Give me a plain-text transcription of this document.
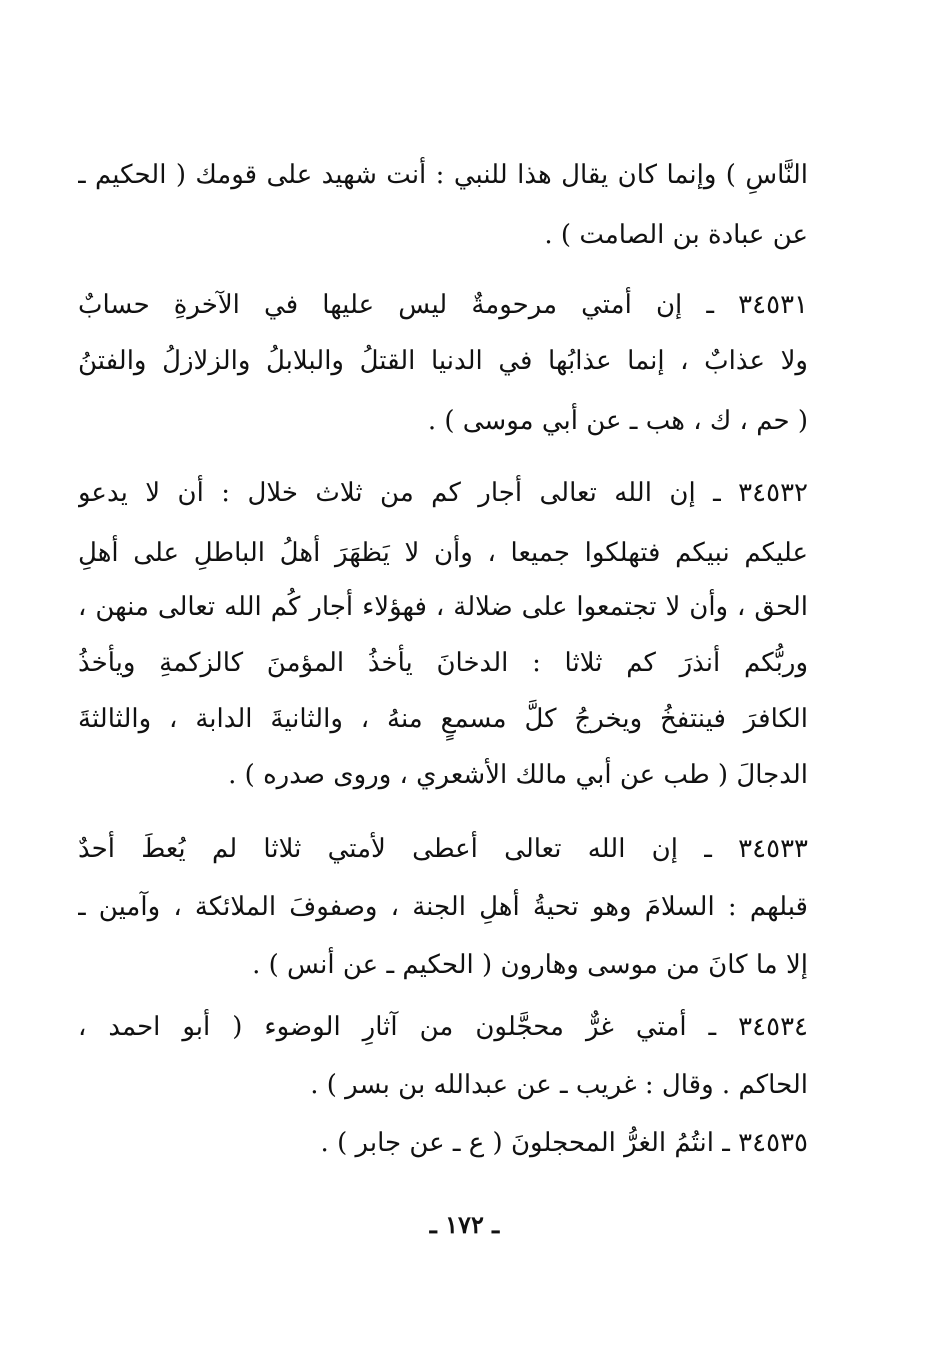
النَّاسِ ) وإنما كان يقال هذا للنبي : أنت شهيد على قومك ( الحكيم ـ
عن عبادة بن الصامت ) .
٣٤٥٣١ ـ إن أمتي مرحومةٌ ليس عليها في الآخرةِ حسابٌ
ولا عذابٌ ، إنما عذابُها في الدنيا القتلُ والبلابلُ والزلازلُ والفتنُ
( حم ، ك ، هب ـ عن أبي موسى ) .
٣٤٥٣٢ ـ إن الله تعالى أجار كم من ثلاث خلال : أن لا يدعو
عليكم نبيكم فتهلكوا جميعا ، وأن لا يَظهَرَ أهلُ الباطلِ على أهلِ
الحق ، وأن لا تجتمعوا على ضلالة ، فهؤلاء أجار كُم الله تعالى منهن ،
وربُّكم أنذرَ كم ثلاثا : الدخانَ يأخذُ المؤمنَ كالزكمةِ ويأخذُ
الكافرَ فينتفخُ ويخرجُ كلَّ مسمعٍ منهُ ، والثانيةَ الدابة ، والثالثةَ
الدجالَ ( طب عن أبي مالك الأشعري ، وروى صدره ) .
٣٤٥٣٣ ـ إن الله تعالى أعطى لأمتي ثلاثا لم يُعطَ أحدٌ
قبلهم : السلامَ وهو تحيةُ أهلِ الجنة ، وصفوفَ الملائكة ، وآمين ـ
إلا ما كانَ من موسى وهارون ( الحكيم ـ عن أنس ) .
٣٤٥٣٤ ـ أمتي غرٌّ محجَّلون من آثارِ الوضوء ( أبو احمد ،
الحاكم . وقال : غريب ـ عن عبدالله بن بسر ) .
٣٤٥٣٥ ـ انتُمُ الغرُّ المحجلونَ ( ع ـ عن جابر ) .
ـ ١٧٢ ـ
